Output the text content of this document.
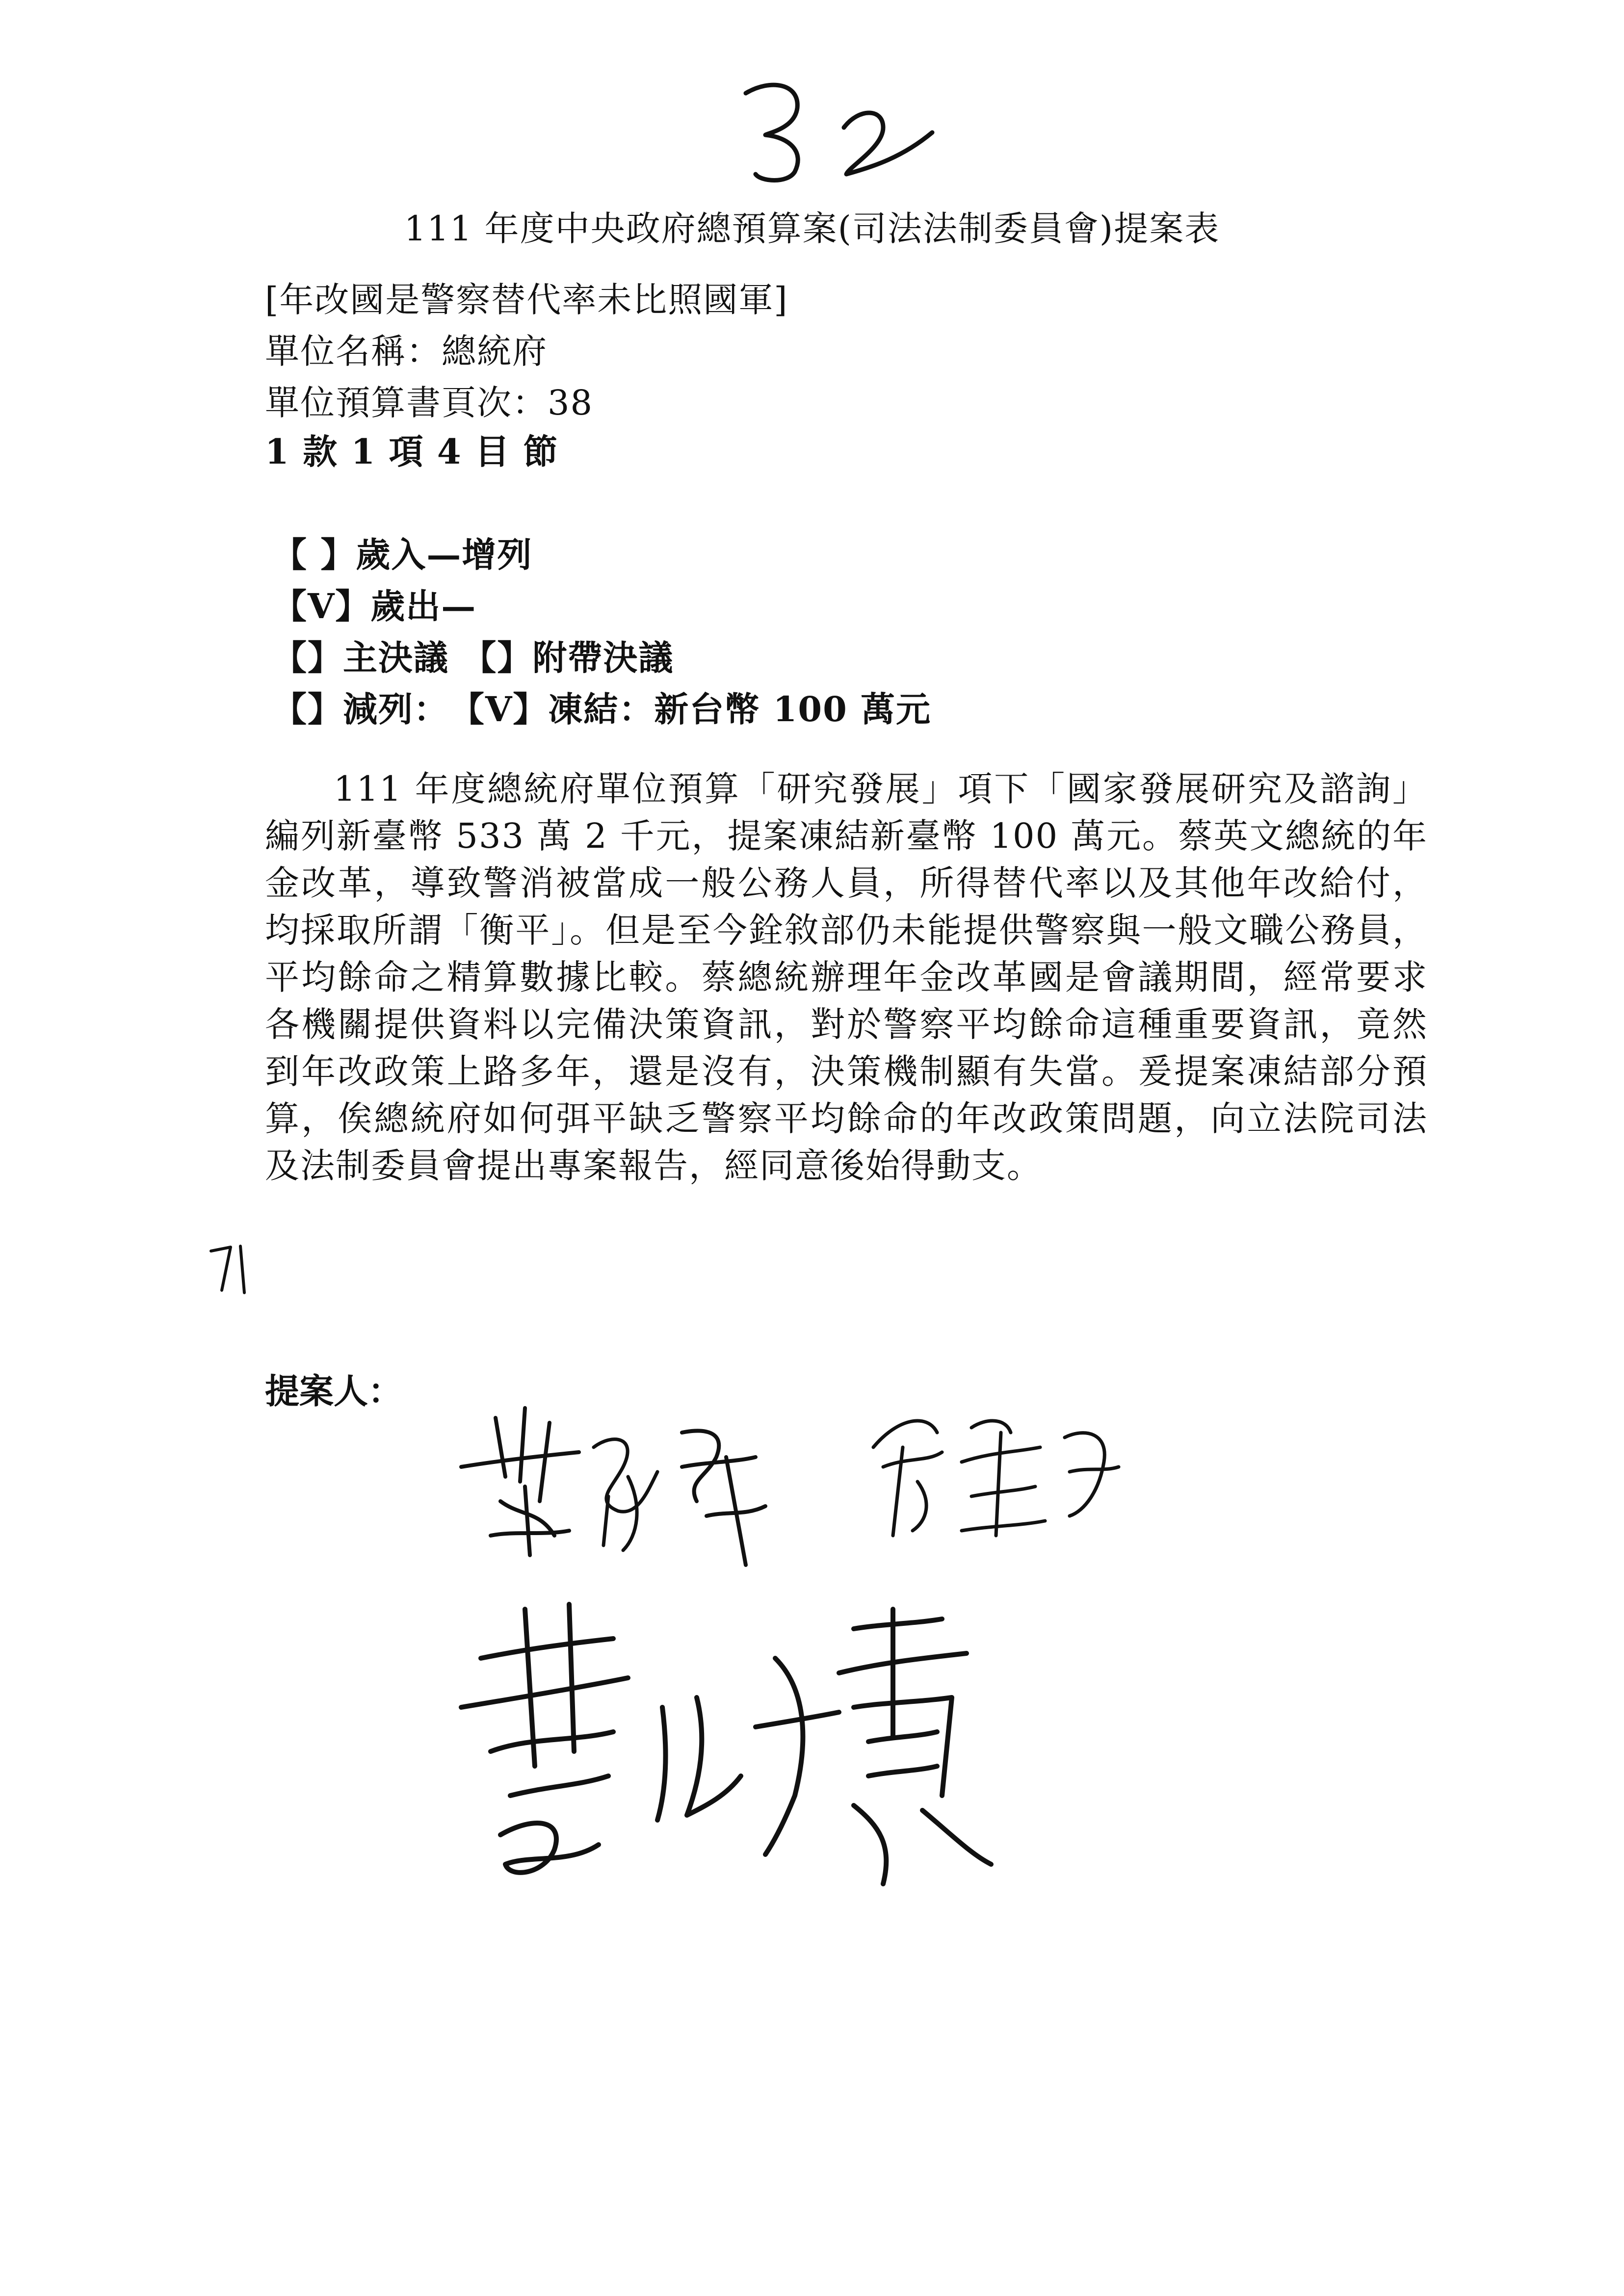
111 年度中央政府總預算案(司法法制委員會)提案表
[年改國是警察替代率未比照國軍]
單位名稱：總統府
單位預算書頁次：38
1 款 1 項 4 目 節
【 】歲入—增列
【V】歲出—
【】主決議 【】附帶決議
【】減列：　【V】凍結：新台幣 100 萬元
111 年度總統府單位預算「研究發展」項下「國家發展研究及諮詢」編列新臺幣 533 萬 2 千元，提案凍結新臺幣 100 萬元。蔡英文總統的年金改革，導致警消被當成一般公務人員，所得替代率以及其他年改給付，均採取所謂「衡平」。但是至今銓敘部仍未能提供警察與一般文職公務員，平均餘命之精算數據比較。蔡總統辦理年金改革國是會議期間，經常要求各機關提供資料以完備決策資訊，對於警察平均餘命這種重要資訊，竟然到年改政策上路多年，還是沒有，決策機制顯有失當。爰提案凍結部分預算，俟總統府如何弭平缺乏警察平均餘命的年改政策問題，向立法院司法及法制委員會提出專案報告，經同意後始得動支。
提案人：
